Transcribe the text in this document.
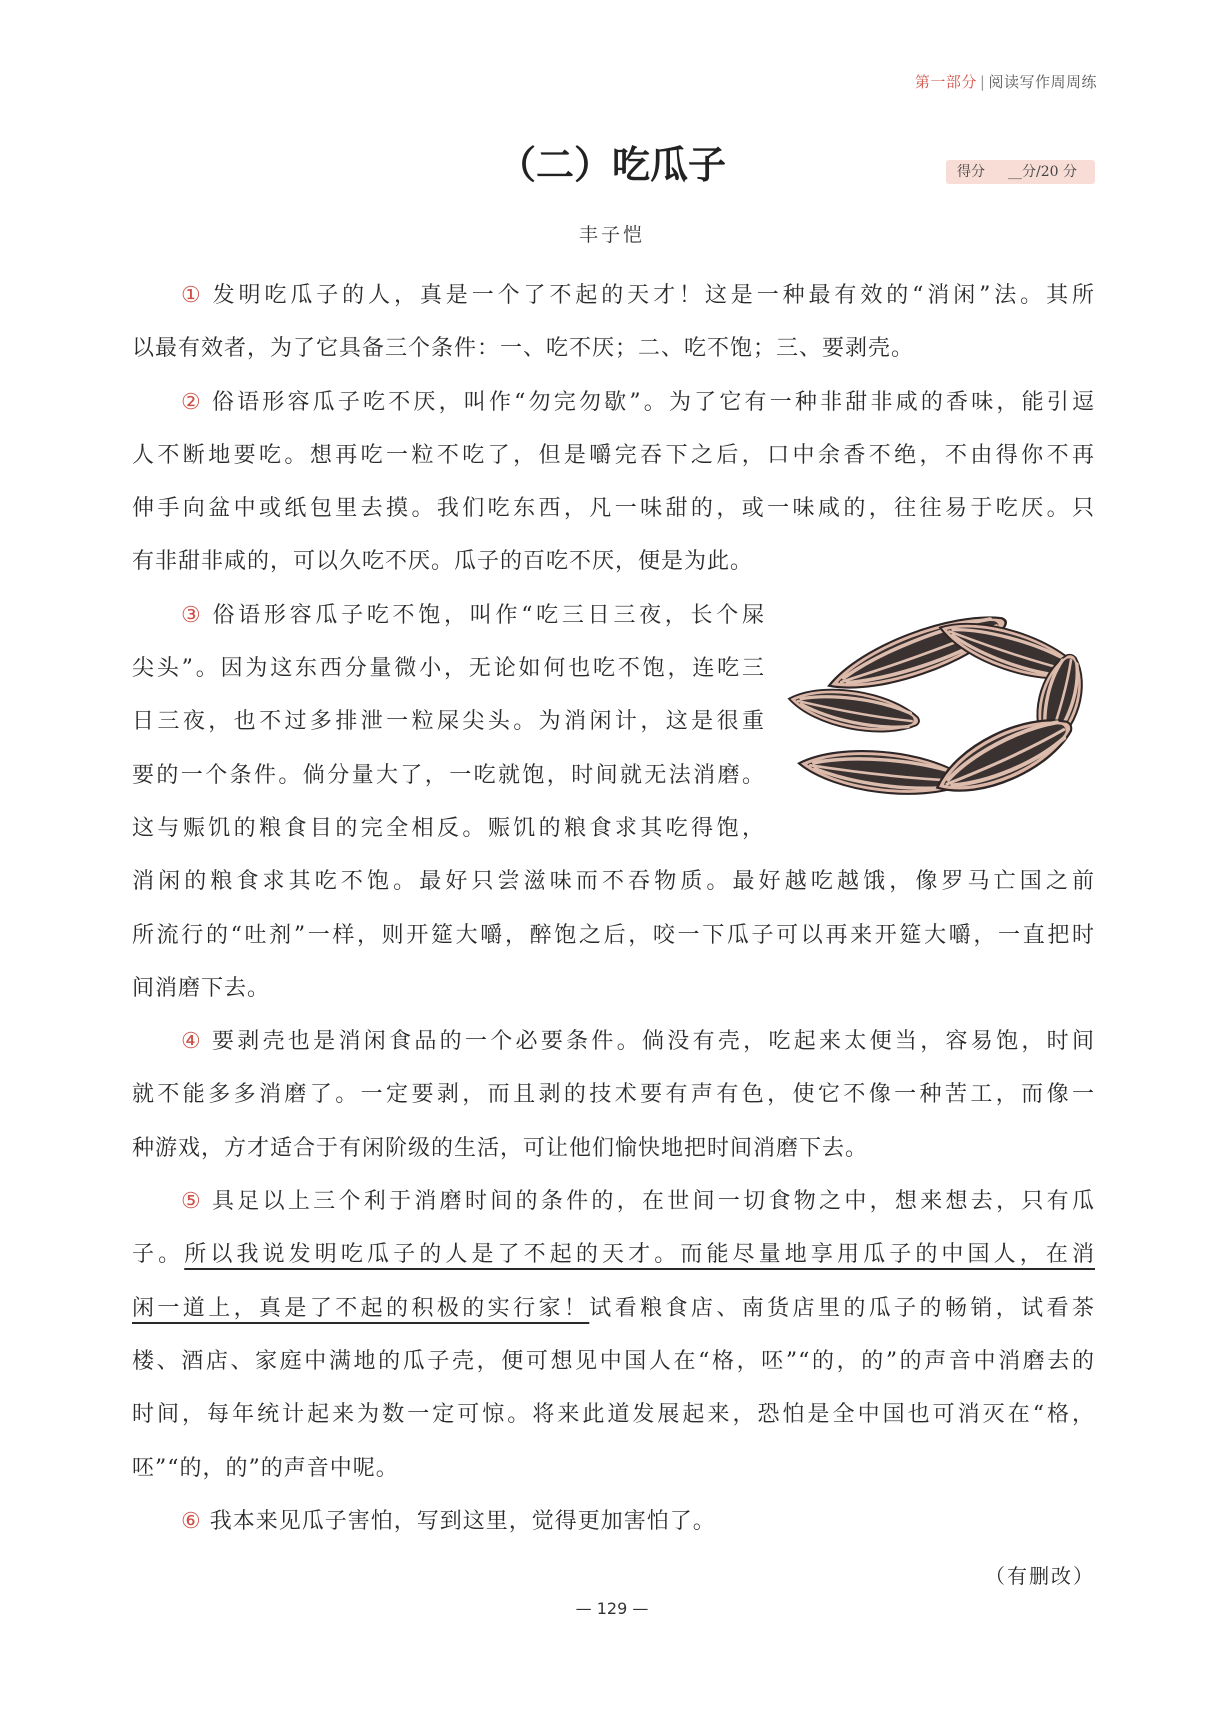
第一部分 | 阅读写作周周练
（二）吃瓜子	得分 __分/20 分
丰子恺
① 发明吃瓜子的人，真是一个了不起的天才！这是一种最有效的“消闲”法。其所
以最有效者，为了它具备三个条件：一、吃不厌；二、吃不饱；三、要剥壳。
② 俗语形容瓜子吃不厌，叫作“勿完勿歇”。为了它有一种非甜非咸的香味，能引逗
人不断地要吃。想再吃一粒不吃了，但是嚼完吞下之后，口中余香不绝，不由得你不再
伸手向盆中或纸包里去摸。我们吃东西，凡一味甜的，或一味咸的，往往易于吃厌。只
有非甜非咸的，可以久吃不厌。瓜子的百吃不厌，便是为此。
③ 俗语形容瓜子吃不饱，叫作“吃三日三夜，长个屎
尖头”。因为这东西分量微小，无论如何也吃不饱，连吃三
日三夜，也不过多排泄一粒屎尖头。为消闲计，这是很重
要的一个条件。倘分量大了，一吃就饱，时间就无法消磨。
这与赈饥的粮食目的完全相反。赈饥的粮食求其吃得饱，
消闲的粮食求其吃不饱。最好只尝滋味而不吞物质。最好越吃越饿，像罗马亡国之前
所流行的“吐剂”一样，则开筵大嚼，醉饱之后，咬一下瓜子可以再来开筵大嚼，一直把时
间消磨下去。
④ 要剥壳也是消闲食品的一个必要条件。倘没有壳，吃起来太便当，容易饱，时间
就不能多多消磨了。一定要剥，而且剥的技术要有声有色，使它不像一种苦工，而像一
种游戏，方才适合于有闲阶级的生活，可让他们愉快地把时间消磨下去。
⑤ 具足以上三个利于消磨时间的条件的，在世间一切食物之中，想来想去，只有瓜
子。所以我说发明吃瓜子的人是了不起的天才。而能尽量地享用瓜子的中国人，在消
闲一道上，真是了不起的积极的实行家！试看粮食店、南货店里的瓜子的畅销，试看茶
楼、酒店、家庭中满地的瓜子壳，便可想见中国人在“格，呸”“的，的”的声音中消磨去的
时间，每年统计起来为数一定可惊。将来此道发展起来，恐怕是全中国也可消灭在“格，
呸”“的，的”的声音中呢。
⑥ 我本来见瓜子害怕，写到这里，觉得更加害怕了。
（有删改）
— 129 —
